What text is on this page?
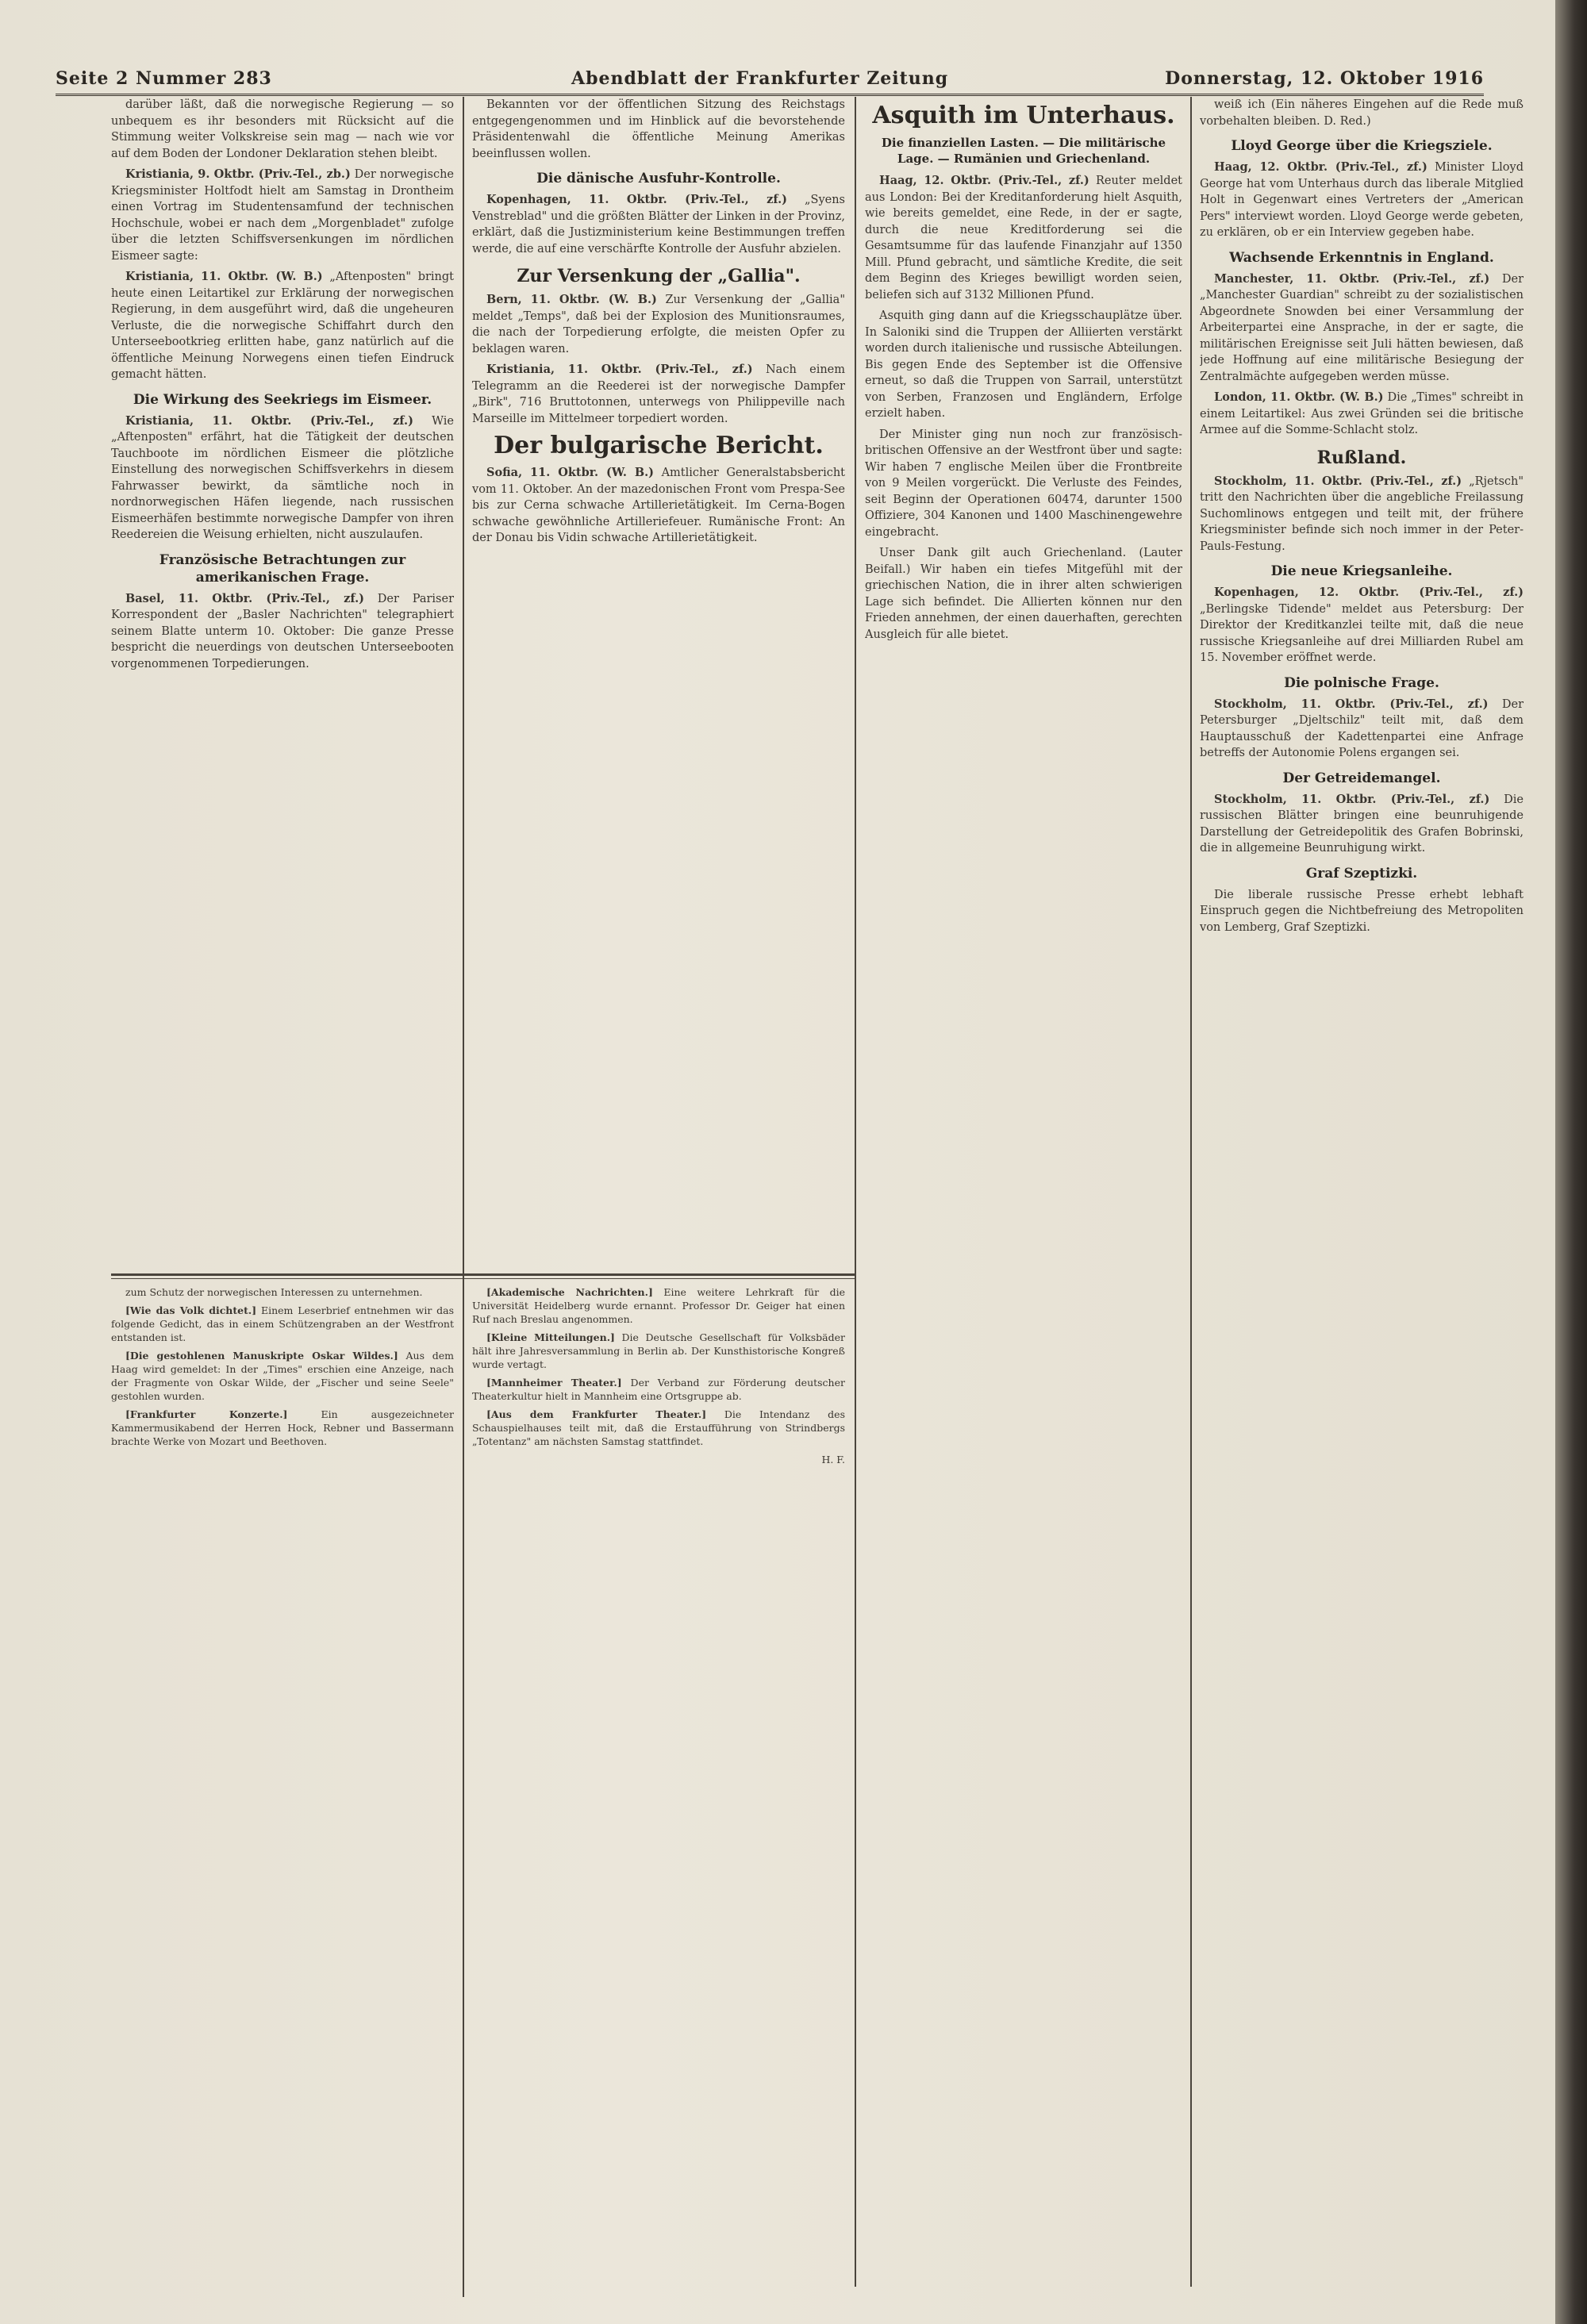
Seite 2 Nummer 283	Abendblatt der Frankfurter Zeitung	Donnerstag, 12. Oktober 1916

darüber läßt, daß die norwegische Regierung — so unbequem es ihr besonders mit Rücksicht auf die Stimmung weiter Volkskreise sein mag — nach wie vor auf dem Boden der Londoner Deklaration stehen bleibt.

Kristiania, 9. Oktbr. (Priv.-Tel., zb.) Der norwegische Kriegsminister Holtfodt hielt am Samstag in Drontheim einen Vortrag im Studentensamfund der technischen Hochschule, wobei er nach dem „Morgenbladet" zufolge über die letzten Schiffsversenkungen im nördlichen Eismeer sagte:

Kristiania, 11. Oktbr. (W. B.) „Aftenposten" bringt heute einen Leitartikel zur Erklärung der norwegischen Regierung, in dem ausgeführt wird, daß die ungeheuren Verluste, die die norwegische Schiffahrt durch den Unterseebootkrieg erlitten habe, ganz natürlich auf die öffentliche Meinung Norwegens einen tiefen Eindruck gemacht hätten.

Die Wirkung des Seekriegs im Eismeer.

Kristiania, 11. Oktbr. (Priv.-Tel., zf.) Wie „Aftenposten" erfährt, hat die Tätigkeit der deutschen Tauchboote im nördlichen Eismeer die plötzliche Einstellung des norwegischen Schiffsverkehrs in diesem Fahrwasser bewirkt, da sämtliche noch in nordnorwegischen Häfen liegende, nach russischen Eismeerhäfen bestimmte norwegische Dampfer von ihren Reedereien die Weisung erhielten, nicht auszulaufen.

Französische Betrachtungen zur amerikanischen Frage.

Basel, 11. Oktbr. (Priv.-Tel., zf.) Der Pariser Korrespondent der „Basler Nachrichten" telegraphiert seinem Blatte unterm 10. Oktober: Die ganze Presse bespricht die neuerdings von deutschen Unterseebooten vorgenommenen Torpedierungen.

Bekannten vor der öffentlichen Sitzung des Reichstags entgegengenommen und im Hinblick auf die bevorstehende Präsidentenwahl die öffentliche Meinung Amerikas beeinflussen wollen.

Die dänische Ausfuhr-Kontrolle.

Kopenhagen, 11. Oktbr. (Priv.-Tel., zf.) „Syens Venstreblad" und die größten Blätter der Linken in der Provinz, erklärt, daß die Justizministerium keine Bestimmungen treffen werde, die auf eine verschärfte Kontrolle der Ausfuhr abzielen.

Zur Versenkung der „Gallia".

Bern, 11. Oktbr. (W. B.) Zur Versenkung der „Gallia" meldet „Temps", daß bei der Explosion des Munitionsraumes, die nach der Torpedierung erfolgte, die meisten Opfer zu beklagen waren.

Kristiania, 11. Oktbr. (Priv.-Tel., zf.) Nach einem Telegramm an die Reederei ist der norwegische Dampfer „Birk", 716 Bruttotonnen, unterwegs von Philippeville nach Marseille im Mittelmeer torpediert worden.

Der bulgarische Bericht.

Sofia, 11. Oktbr. (W. B.) Amtlicher Generalstabsbericht vom 11. Oktober. An der mazedonischen Front vom Prespa-See bis zur Cerna schwache Artillerietätigkeit. Im Cerna-Bogen schwache gewöhnliche Artilleriefeuer. Rumänische Front: An der Donau bis Vidin schwache Artillerietätigkeit.

Asquith im Unterhaus.
Die finanziellen Lasten. — Die militärische Lage. — Rumänien und Griechenland.

Haag, 12. Oktbr. (Priv.-Tel., zf.) Reuter meldet aus London: Bei der Kreditanforderung hielt Asquith, wie bereits gemeldet, eine Rede, in der er sagte, durch die neue Kreditforderung sei die Gesamtsumme für das laufende Finanzjahr auf 1350 Mill. Pfund gebracht, und sämtliche Kredite, die seit dem Beginn des Krieges bewilligt worden seien, beliefen sich auf 3132 Millionen Pfund.

Asquith ging dann auf die Kriegsschauplätze über. In Saloniki sind die Truppen der Alliierten verstärkt worden durch italienische und russische Abteilungen. Bis gegen Ende des September ist die Offensive erneut, so daß die Truppen von Sarrail, unterstützt von Serben, Franzosen und Engländern, Erfolge erzielt haben.

Der Minister ging nun noch zur französisch-britischen Offensive an der Westfront über und sagte: Wir haben 7 englische Meilen über die Frontbreite von 9 Meilen vorgerückt. Die Verluste des Feindes, seit Beginn der Operationen 60474, darunter 1500 Offiziere, 304 Kanonen und 1400 Maschinengewehre eingebracht.

Unser Dank gilt auch Griechenland. (Lauter Beifall.) Wir haben ein tiefes Mitgefühl mit der griechischen Nation, die in ihrer alten schwierigen Lage sich befindet. Die Allierten können nur den Frieden annehmen, der einen dauerhaften, gerechten Ausgleich für alle bietet.

weiß ich (Ein näheres Eingehen auf die Rede muß vorbehalten bleiben. D. Red.)

Lloyd George über die Kriegsziele.

Haag, 12. Oktbr. (Priv.-Tel., zf.) Minister Lloyd George hat vom Unterhaus durch das liberale Mitglied Holt in Gegenwart eines Vertreters der „American Pers" interviewt worden. Lloyd George werde gebeten, zu erklären, ob er ein Interview gegeben habe.

Wachsende Erkenntnis in England.

Manchester, 11. Oktbr. (Priv.-Tel., zf.) Der „Manchester Guardian" schreibt zu der sozialistischen Abgeordnete Snowden bei einer Versammlung der Arbeiterpartei eine Ansprache, in der er sagte, die militärischen Ereignisse seit Juli hätten bewiesen, daß jede Hoffnung auf eine militärische Besiegung der Zentralmächte aufgegeben werden müsse.

London, 11. Oktbr. (W. B.) Die „Times" schreibt in einem Leitartikel: Aus zwei Gründen sei die britische Armee auf die Somme-Schlacht stolz.

Rußland.

Stockholm, 11. Oktbr. (Priv.-Tel., zf.) „Rjetsch" tritt den Nachrichten über die angebliche Freilassung Suchomlinows entgegen und teilt mit, der frühere Kriegsminister befinde sich noch immer in der Peter-Pauls-Festung.

Die neue Kriegsanleihe.

Kopenhagen, 12. Oktbr. (Priv.-Tel., zf.) „Berlingske Tidende" meldet aus Petersburg: Der Direktor der Kreditkanzlei teilte mit, daß die neue russische Kriegsanleihe auf drei Milliarden Rubel am 15. November eröffnet werde.

Die polnische Frage.

Stockholm, 11. Oktbr. (Priv.-Tel., zf.) Der Petersburger „Djeltschilz" teilt mit, daß dem Hauptausschuß der Kadettenpartei eine Anfrage betreffs der Autonomie Polens ergangen sei.

Der Getreidemangel.

Stockholm, 11. Oktbr. (Priv.-Tel., zf.) Die russischen Blätter bringen eine beunruhigende Darstellung der Getreidepolitik des Grafen Bobrinski, die in allgemeine Beunruhigung wirkt.

Graf Szeptizki.

Die liberale russische Presse erhebt lebhaft Einspruch gegen die Nichtbefreiung des Metropoliten von Lemberg, Graf Szeptizki.

zum Schutz der norwegischen Interessen zu unternehmen.

[Wie das Volk dichtet.] Einem Leserbrief entnehmen wir das folgende Gedicht, das in einem Schützengraben an der Westfront entstanden ist.

[Die gestohlenen Manuskripte Oskar Wildes.] Aus dem Haag wird gemeldet: In der „Times" erschien eine Anzeige, nach der Fragmente von Oskar Wilde, der „Fischer und seine Seele" gestohlen wurden.

[Frankfurter Konzerte.]	Ein ausgezeichneter Kammermusikabend der Herren Hock, Rebner und Bassermann brachte Werke von Mozart und Beethoven.

[Akademische Nachrichten.] Eine weitere Lehrkraft für die Universität Heidelberg wurde ernannt. Professor Dr. Geiger hat einen Ruf nach Breslau angenommen.

[Kleine Mitteilungen.] Die Deutsche Gesellschaft für Volksbäder hält ihre Jahresversammlung in Berlin ab. Der Kunsthistorische Kongreß wurde vertagt.

[Mannheimer Theater.] Der Verband zur Förderung deutscher Theaterkultur hielt in Mannheim eine Ortsgruppe ab.

[Aus dem Frankfurter Theater.] Die Intendanz des Schauspielhauses teilt mit, daß die Erstaufführung von Strindbergs „Totentanz" am nächsten Samstag stattfindet.

H. F.
